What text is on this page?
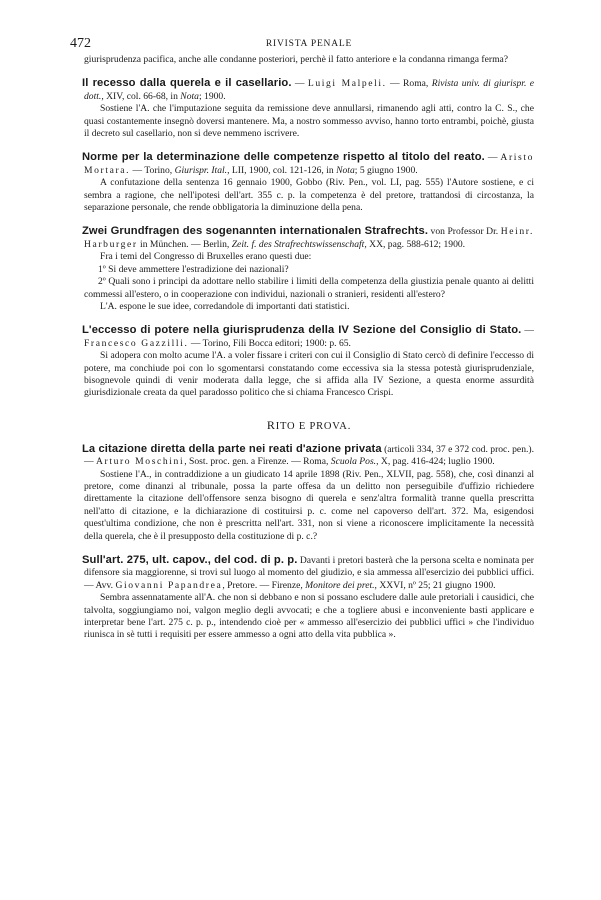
472	RIVISTA PENALE

giurisprudenza pacifica, anche alle condanne posteriori, perchè il fatto anteriore e la condanna rimanga ferma?

Il recesso dalla querela e il casellario. — Luigi Malpeli. — Roma, Rivista univ. di giurispr. e dott., XIV, col. 66-68, in Nota; 1900.

Sostiene l'A. che l'imputazione seguita da remissione deve annullarsi, rimanendo agli atti, contro la C. S., che quasi costantemente insegnò doversi mantenere. Ma, a nostro sommesso avviso, hanno torto entrambi, poichè, giusta il decreto sul casellario, non si deve nemmeno iscrivere.

Norme per la determinazione delle competenze rispetto al titolo del reato. — Aristo Mortara. — Torino, Giurispr. Ital., LII, 1900, col. 121-126, in Nota; 5 giugno 1900.

A confutazione della sentenza 16 gennaio 1900, Gobbo (Riv. Pen., vol. LI, pag. 555) l'Autore sostiene, e ci sembra a ragione, che nell'ipotesi dell'art. 355 c. p. la competenza è del pretore, trattandosi di circostanza, la separazione personale, che rende obbligatoria la diminuzione della pena.

Zwei Grundfragen des sogenannten internationalen Strafrechts. von Professor Dr. Heinr. Harburger in München. — Berlin, Zeit. f. des Strafrechtswissenschaft, XX, pag. 588-612; 1900.

Fra i temi del Congresso di Bruxelles erano questi due:

1º Si deve ammettere l'estradizione dei nazionali?

2º Quali sono i principi da adottare nello stabilire i limiti della competenza della giustizia penale quanto ai delitti commessi all'estero, o in cooperazione con individui, nazionali o stranieri, residenti all'estero?

L'A. espone le sue idee, corredandole di importanti dati statistici.

L'eccesso di potere nella giurisprudenza della IV Sezione del Consiglio di Stato. — Francesco Gazzilli. — Torino, Fili Bocca editori; 1900: p. 65.

Si adopera con molto acume l'A. a voler fissare i criteri con cui il Consiglio di Stato cercò di definire l'eccesso di potere, ma conchiude poi con lo sgomentarsi constatando come eccessiva sia la stessa potestà giurisprudenziale, bisognevole quindi di venir moderata dalla legge, che si affida alla IV Sezione, a questa enorme assurdità giurisdizionale creata da quel paradosso politico che si chiama Francesco Crispi.

RITO E PROVA.

La citazione diretta della parte nei reati d'azione privata (articoli 334, 37 e 372 cod. proc. pen.). — Arturo Moschini, Sost. proc. gen. a Firenze. — Roma, Scuola Pos., X, pag. 416-424; luglio 1900.

Sostiene l'A., in contraddizione a un giudicato 14 aprile 1898 (Riv. Pen., XLVII, pag. 558), che, così dinanzi al pretore, come dinanzi al tribunale, possa la parte offesa da un delitto non perseguibile d'uffizio richiedere direttamente la citazione dell'offensore senza bisogno di querela e senz'altra formalità tranne quella prescritta nell'atto di citazione, e la dichiarazione di costituirsi p. c. come nel capoverso dell'art. 372. Ma, esigendosi quest'ultima condizione, che non è prescritta nell'art. 331, non si viene a riconoscere implicitamente la necessità della querela, che è il presupposto della costituzione di p. c.?

Sull'art. 275, ult. capov., del cod. di p. p. Davanti i pretori basterà che la persona scelta e nominata per difensore sia maggiorenne, si trovi sul luogo al momento del giudizio, e sia ammessa all'esercizio dei pubblici uffici. — Avv. Giovanni Papandrea, Pretore. — Firenze, Monitore dei pret., XXVI, nº 25; 21 giugno 1900.

Sembra assennatamente all'A. che non si debbano e non si possano escludere dalle aule pretoriali i causidici, che talvolta, soggiungiamo noi, valgon meglio degli avvocati; e che a togliere abusi e inconveniente basti applicare e interpretar bene l'art. 275 c. p. p., intendendo cioè per « ammesso all'esercizio dei pubblici uffici » che l'individuo riunisca in sè tutti i requisiti per essere ammesso a ogni atto della vita pubblica ».
